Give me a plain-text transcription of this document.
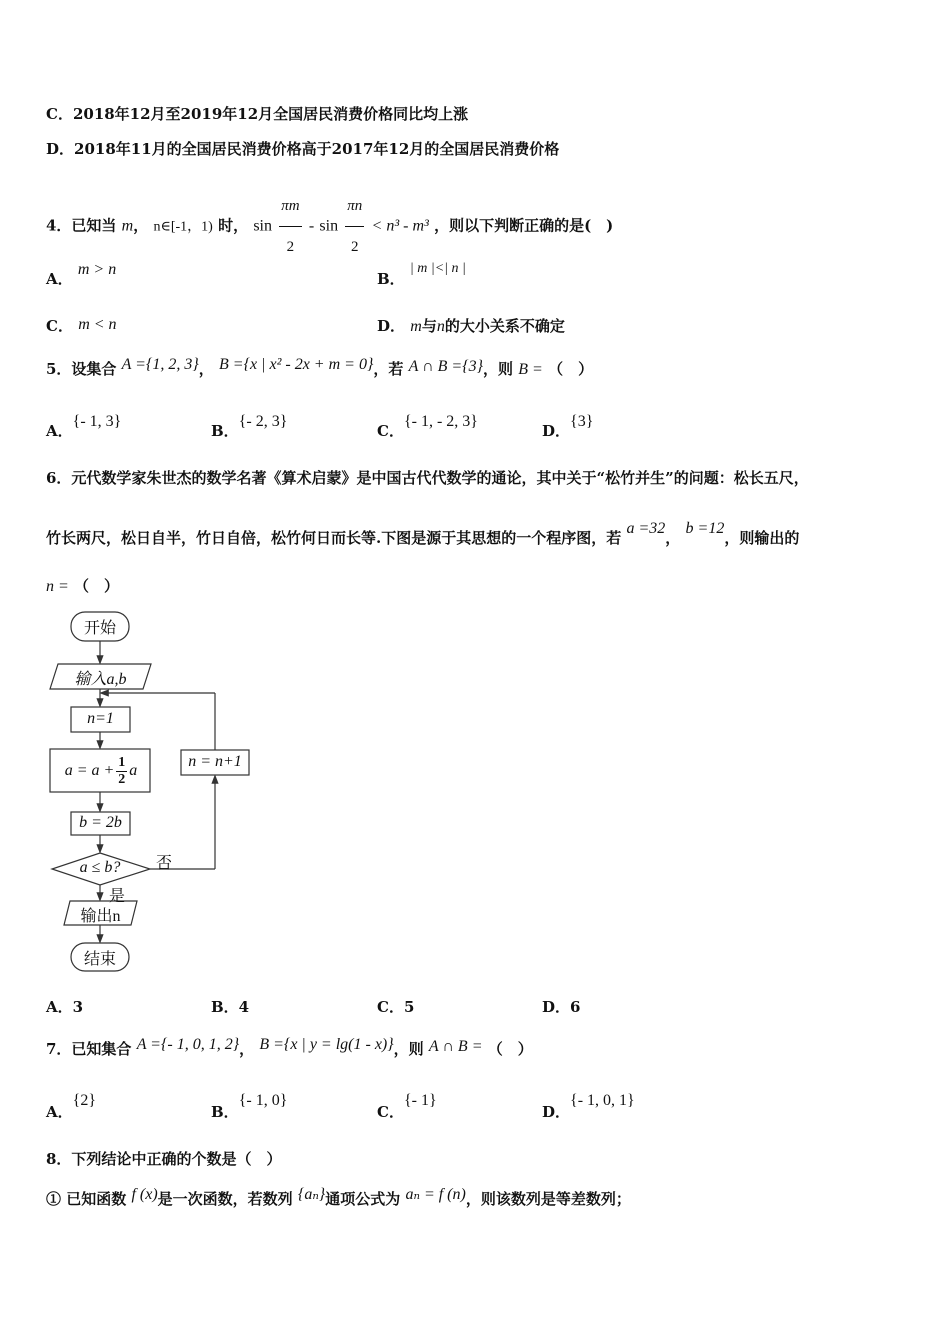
C．2018年12月至2019年12月全国居民消费价格同比均上涨
D．2018年11月的全国居民消费价格高于2017年12月的全国居民消费价格
4．已知当 m， n∈[-1，1) 时， $\sin \frac{\pi m}{2} - \sin \frac{\pi n}{2} < n^3 - m^3$ ，则以下判断正确的是(　)
A． m > n
B． | m |<| n |
C． m < n	D． m与n的大小关系不确定
5．设集合 A ={1, 2, 3}， B ={x | x² - 2x + m = 0}，若 A ∩ B ={3}，则 B = （　）
A．{- 1, 3}
B．{- 2, 3}
C．{- 1, - 2, 3}
D．{3}
6．元代数学家朱世杰的数学名著《算术启蒙》是中国古代代数学的通论，其中关于“松竹并生”的问题：松长五尺，
竹长两尺，松日自半，竹日自倍，松竹何日而长等.下图是源于其思想的一个程序图，若 a =32， b =12，则输出的
n = （　）
开始
输入a,b
n=1
$a = a + \frac{1}{2}$ a
b = 2b
a ≤ b?	否
是
n = n+1
输出n
结束
A．3	B．4	C．5	D．6
7．已知集合 A ={- 1, 0, 1, 2}， B ={x | y = lg(1 - x)}，则 A ∩ B = （　）
A．{2}
B．{- 1, 0}
C．{- 1}
D．{- 1, 0, 1}
8．下列结论中正确的个数是（　）
① 已知函数 f (x)是一次函数，若数列 {aₙ}通项公式为 aₙ = f (n)，则该数列是等差数列；
